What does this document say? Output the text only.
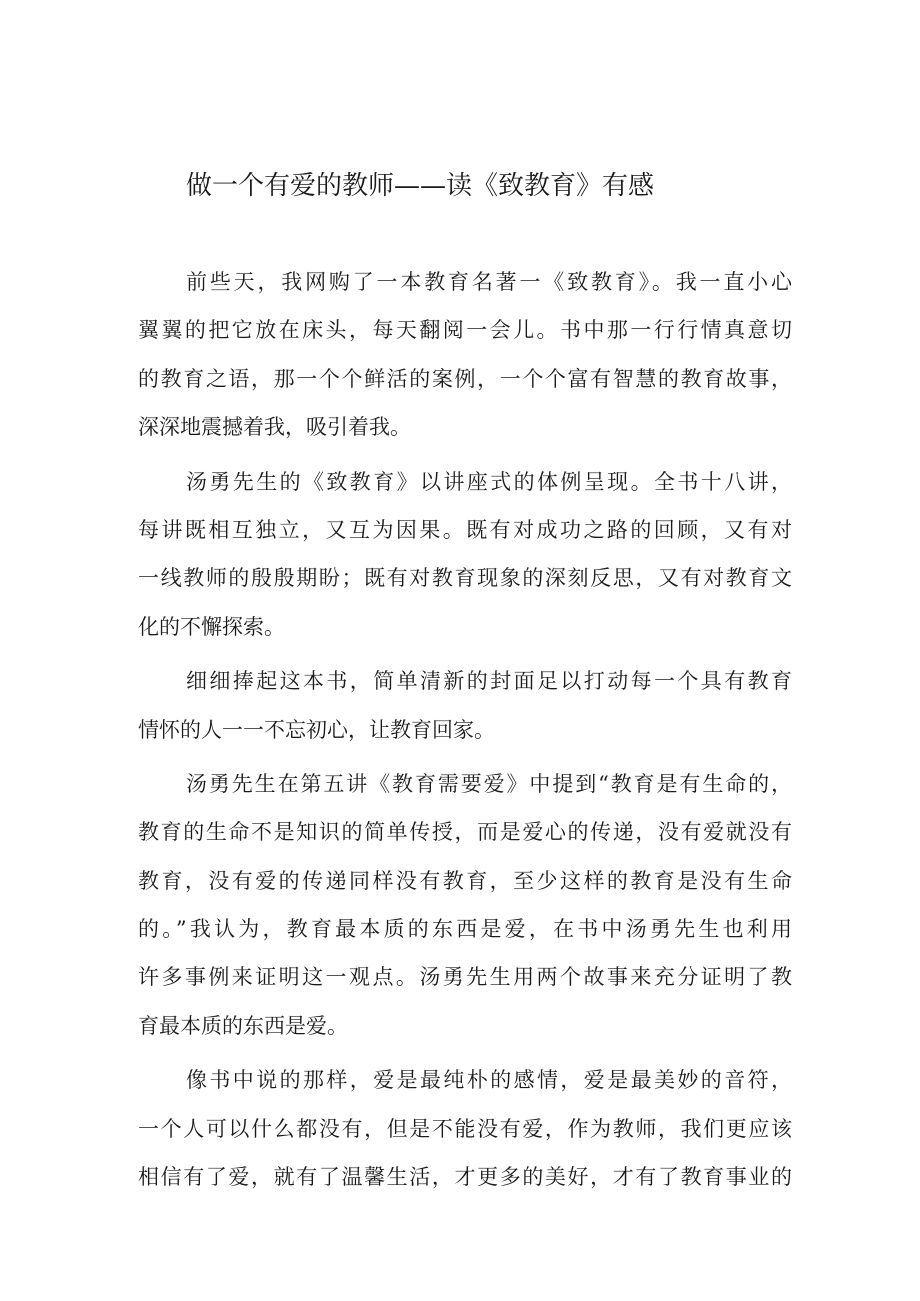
做一个有爱的教师——读《致教育》有感
前些天，我网购了一本教育名著一《致教育》。我一直小心
翼翼的把它放在床头，每天翻阅一会儿。书中那一行行情真意切
的教育之语，那一个个鲜活的案例，一个个富有智慧的教育故事，
深深地震撼着我，吸引着我。
汤勇先生的《致教育》以讲座式的体例呈现。全书十八讲，
每讲既相互独立，又互为因果。既有对成功之路的回顾，又有对
一线教师的殷殷期盼；既有对教育现象的深刻反思，又有对教育文
化的不懈探索。
细细捧起这本书，简单清新的封面足以打动每一个具有教育
情怀的人一一不忘初心，让教育回家。
汤勇先生在第五讲《教育需要爱》中提到“教育是有生命的，
教育的生命不是知识的简单传授，而是爱心的传递，没有爱就没有
教育，没有爱的传递同样没有教育，至少这样的教育是没有生命
的。”我认为，教育最本质的东西是爱，在书中汤勇先生也利用
许多事例来证明这一观点。汤勇先生用两个故事来充分证明了教
育最本质的东西是爱。
像书中说的那样，爱是最纯朴的感情，爱是最美妙的音符，
一个人可以什么都没有，但是不能没有爱，作为教师，我们更应该
相信有了爱，就有了温馨生活，才更多的美好，才有了教育事业的
